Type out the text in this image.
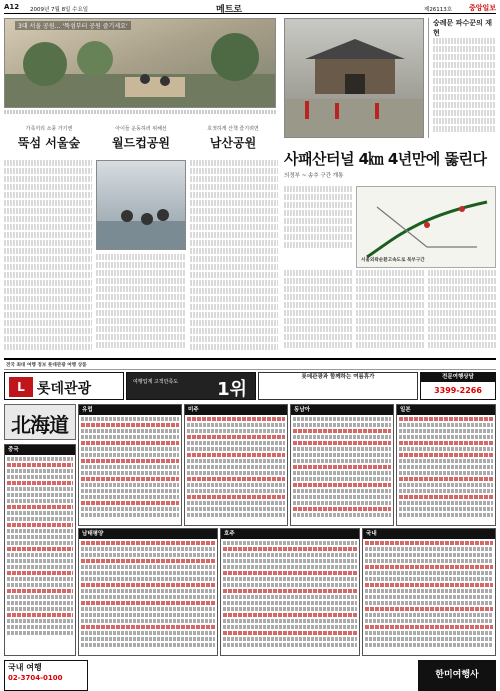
A12 2009년 7월 8일 수요일	메트로	제26113호 중앙일보
3대 서울 공원… '뚝섬부터 공원 즐기세요'	숭례문 파수꾼의 재현
가족끼리 소풍 가기엔
뚝섬 서울숲
아이들 운동하러 위해선
월드컵공원
호젓하게 산책 즐기려면
남산공원
사패산터널 4㎞ 4년만에 뚫린다
의정부 ~ 송추 구간 개통
서울외곽순환고속도로 북부구간
전국 최대 여행 정보 롯데관광 여행 상품
L 롯데관광	여행업계 고객만족도 1위
롯데관광과 함께하는 여름휴가	전문여행상담
3399-2266
北海道
유럽	미주	동남아	일본
중국
남태평양	호주	국내
국내 여행
02-3704-0100	한미여행사
